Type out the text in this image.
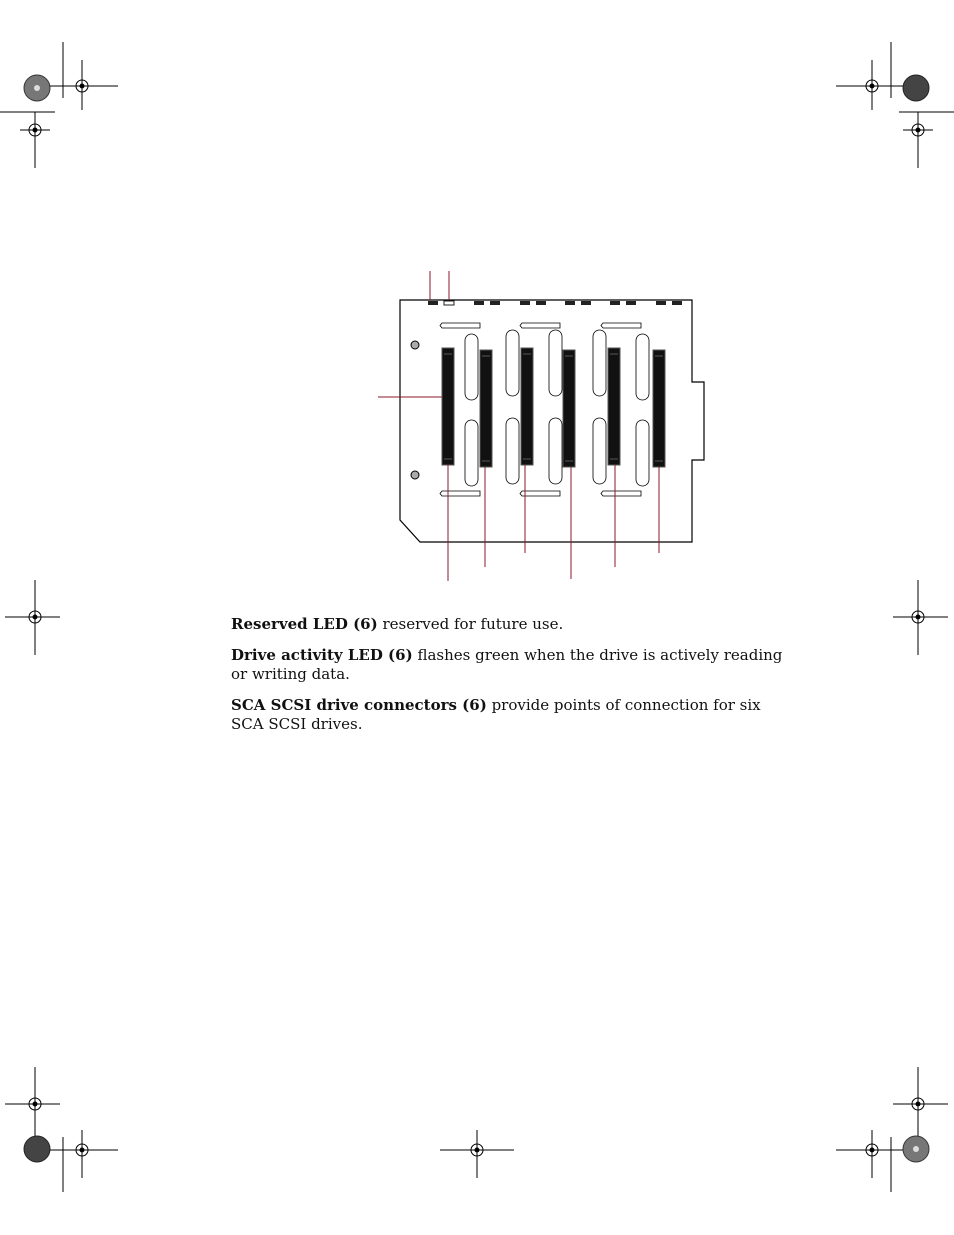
Reserved LED (6) reserved for future use.
Drive activity LED (6) flashes green when the drive is actively reading or writing data.
SCA SCSI drive connectors (6) provide points of connection for six SCA SCSI drives.
